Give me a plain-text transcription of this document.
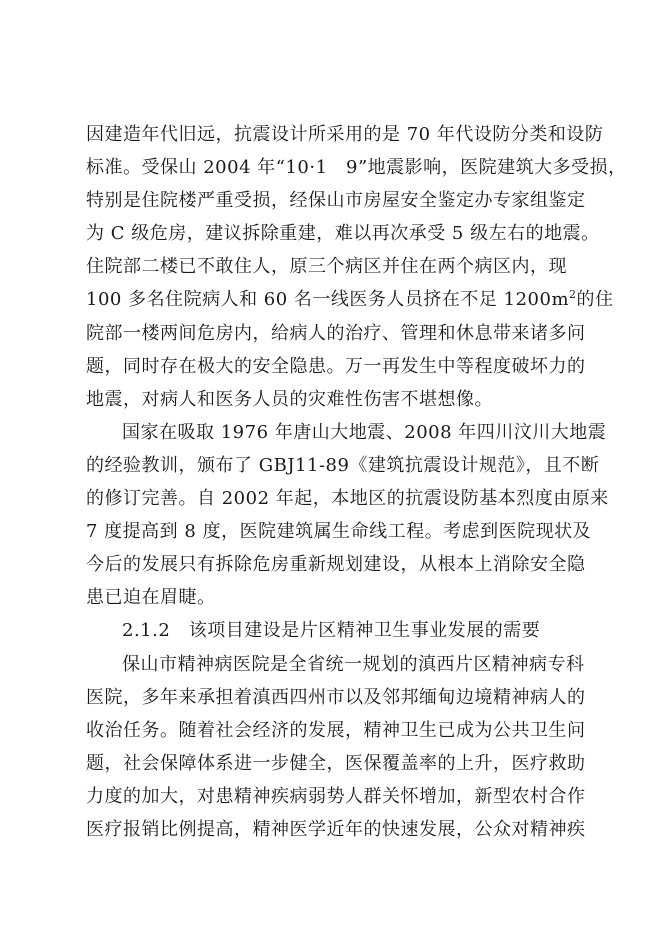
因建造年代旧远，抗震设计所采用的是 70 年代设防分类和设防
标准。受保山 2004 年“10·1　9”地震影响，医院建筑大多受损，
特别是住院楼严重受损，经保山市房屋安全鉴定办专家组鉴定
为 C 级危房，建议拆除重建，难以再次承受 5 级左右的地震。
住院部二楼已不敢住人，原三个病区并住在两个病区内，现
100 多名住院病人和 60 名一线医务人员挤在不足 $1200m^2$的住
院部一楼两间危房内，给病人的治疗、管理和休息带来诸多问
题，同时存在极大的安全隐患。万一再发生中等程度破坏力的
地震，对病人和医务人员的灾难性伤害不堪想像。
国家在吸取 1976 年唐山大地震、2008 年四川汶川大地震
的经验教训，颁布了 GBJ11-89《建筑抗震设计规范》，且不断
的修订完善。自 2002 年起，本地区的抗震设防基本烈度由原来
7 度提高到 8 度，医院建筑属生命线工程。考虑到医院现状及
今后的发展只有拆除危房重新规划建设，从根本上消除安全隐
患已迫在眉睫。
2.1.2　该项目建设是片区精神卫生事业发展的需要
保山市精神病医院是全省统一规划的滇西片区精神病专科
医院，多年来承担着滇西四州市以及邻邦缅甸边境精神病人的
收治任务。随着社会经济的发展，精神卫生已成为公共卫生问
题，社会保障体系进一步健全，医保覆盖率的上升，医疗救助
力度的加大，对患精神疾病弱势人群关怀增加，新型农村合作
医疗报销比例提高，精神医学近年的快速发展，公众对精神疾
